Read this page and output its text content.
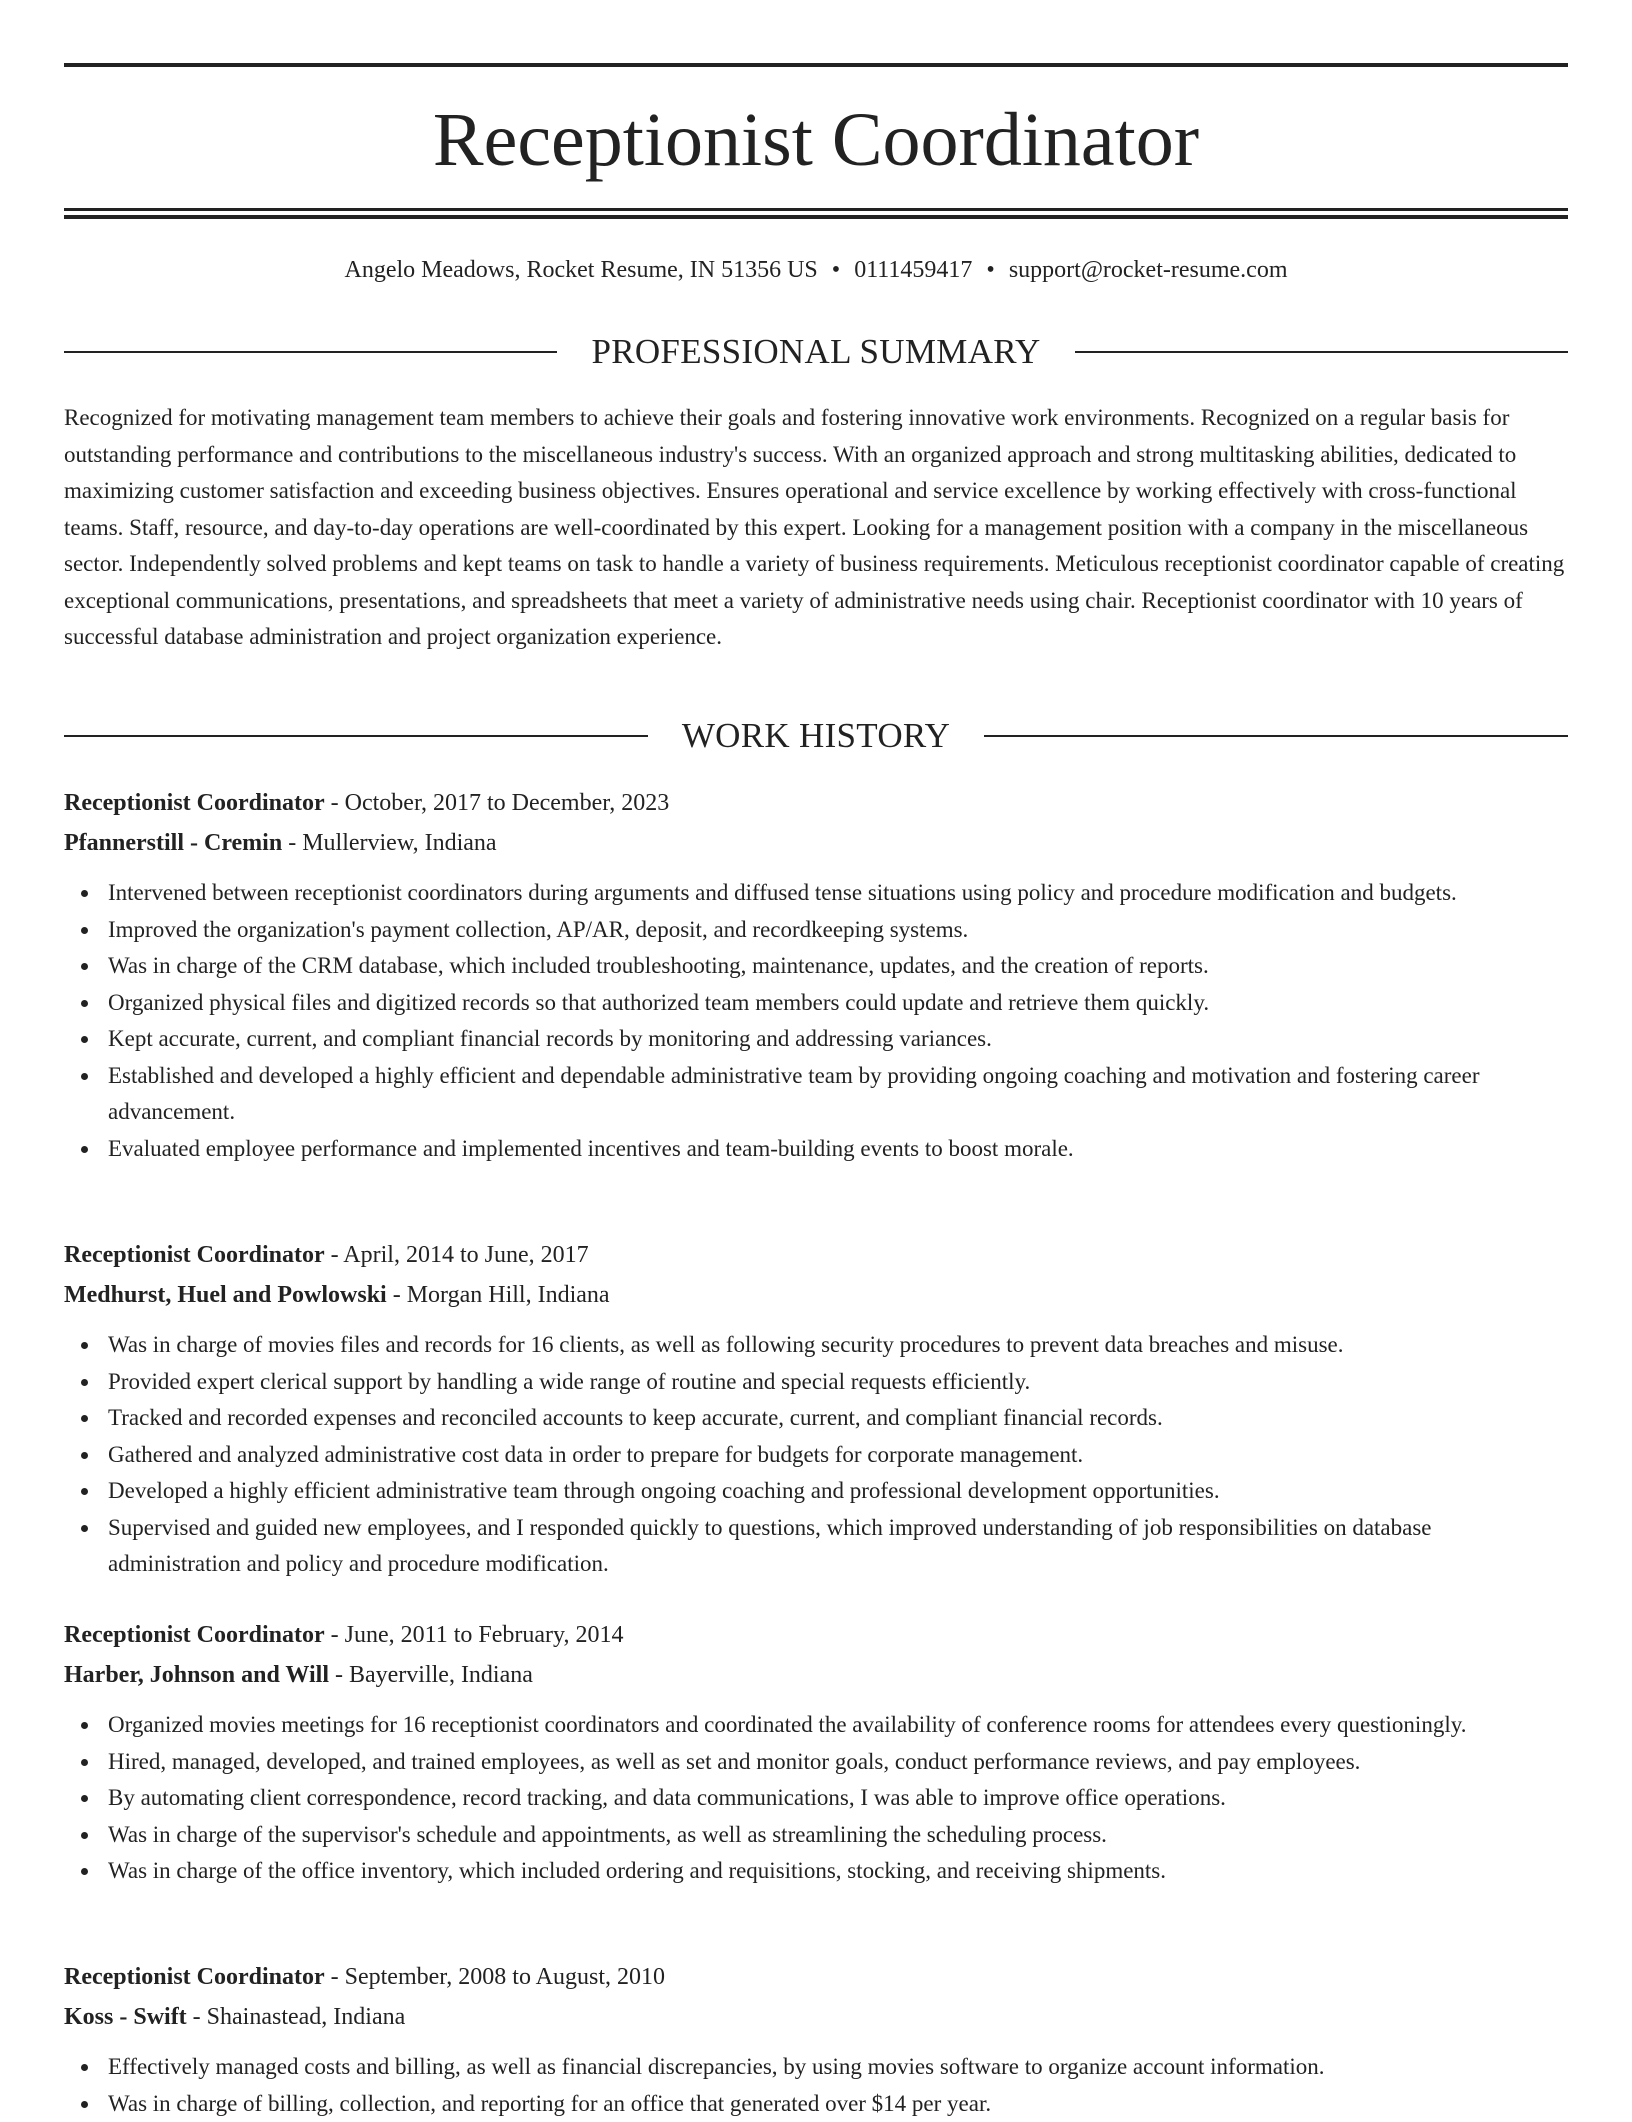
Receptionist Coordinator
Angelo Meadows, Rocket Resume, IN 51356 US • 0111459417 • support@rocket-resume.com
PROFESSIONAL SUMMARY

Recognized for motivating management team members to achieve their goals and fostering innovative work environments. Recognized on a regular basis for outstanding performance and contributions to the miscellaneous industry's success. With an organized approach and strong multitasking abilities, dedicated to maximizing customer satisfaction and exceeding business objectives. Ensures operational and service excellence by working effectively with cross-functional teams. Staff, resource, and day-to-day operations are well-coordinated by this expert. Looking for a management position with a company in the miscellaneous sector. Independently solved problems and kept teams on task to handle a variety of business requirements. Meticulous receptionist coordinator capable of creating exceptional communications, presentations, and spreadsheets that meet a variety of administrative needs using chair. Receptionist coordinator with 10 years of successful database administration and project organization experience.

WORK HISTORY

Receptionist Coordinator - October, 2017 to December, 2023

Pfannerstill - Cremin - Mullerview, Indiana

Intervened between receptionist coordinators during arguments and diffused tense situations using policy and procedure modification and budgets.
Improved the organization's payment collection, AP/AR, deposit, and recordkeeping systems.
Was in charge of the CRM database, which included troubleshooting, maintenance, updates, and the creation of reports.
Organized physical files and digitized records so that authorized team members could update and retrieve them quickly.
Kept accurate, current, and compliant financial records by monitoring and addressing variances.
Established and developed a highly efficient and dependable administrative team by providing ongoing coaching and motivation and fostering career advancement.
Evaluated employee performance and implemented incentives and team-building events to boost morale.

Receptionist Coordinator - April, 2014 to June, 2017

Medhurst, Huel and Powlowski - Morgan Hill, Indiana

Was in charge of movies files and records for 16 clients, as well as following security procedures to prevent data breaches and misuse.
Provided expert clerical support by handling a wide range of routine and special requests efficiently.
Tracked and recorded expenses and reconciled accounts to keep accurate, current, and compliant financial records.
Gathered and analyzed administrative cost data in order to prepare for budgets for corporate management.
Developed a highly efficient administrative team through ongoing coaching and professional development opportunities.
Supervised and guided new employees, and I responded quickly to questions, which improved understanding of job responsibilities on database administration and policy and procedure modification.

Receptionist Coordinator - June, 2011 to February, 2014

Harber, Johnson and Will - Bayerville, Indiana

Organized movies meetings for 16 receptionist coordinators and coordinated the availability of conference rooms for attendees every questioningly.
Hired, managed, developed, and trained employees, as well as set and monitor goals, conduct performance reviews, and pay employees.
By automating client correspondence, record tracking, and data communications, I was able to improve office operations.
Was in charge of the supervisor's schedule and appointments, as well as streamlining the scheduling process.
Was in charge of the office inventory, which included ordering and requisitions, stocking, and receiving shipments.

Receptionist Coordinator - September, 2008 to August, 2010

Koss - Swift - Shainastead, Indiana

Effectively managed costs and billing, as well as financial discrepancies, by using movies software to organize account information.
Was in charge of billing, collection, and reporting for an office that generated over $14 per year.
